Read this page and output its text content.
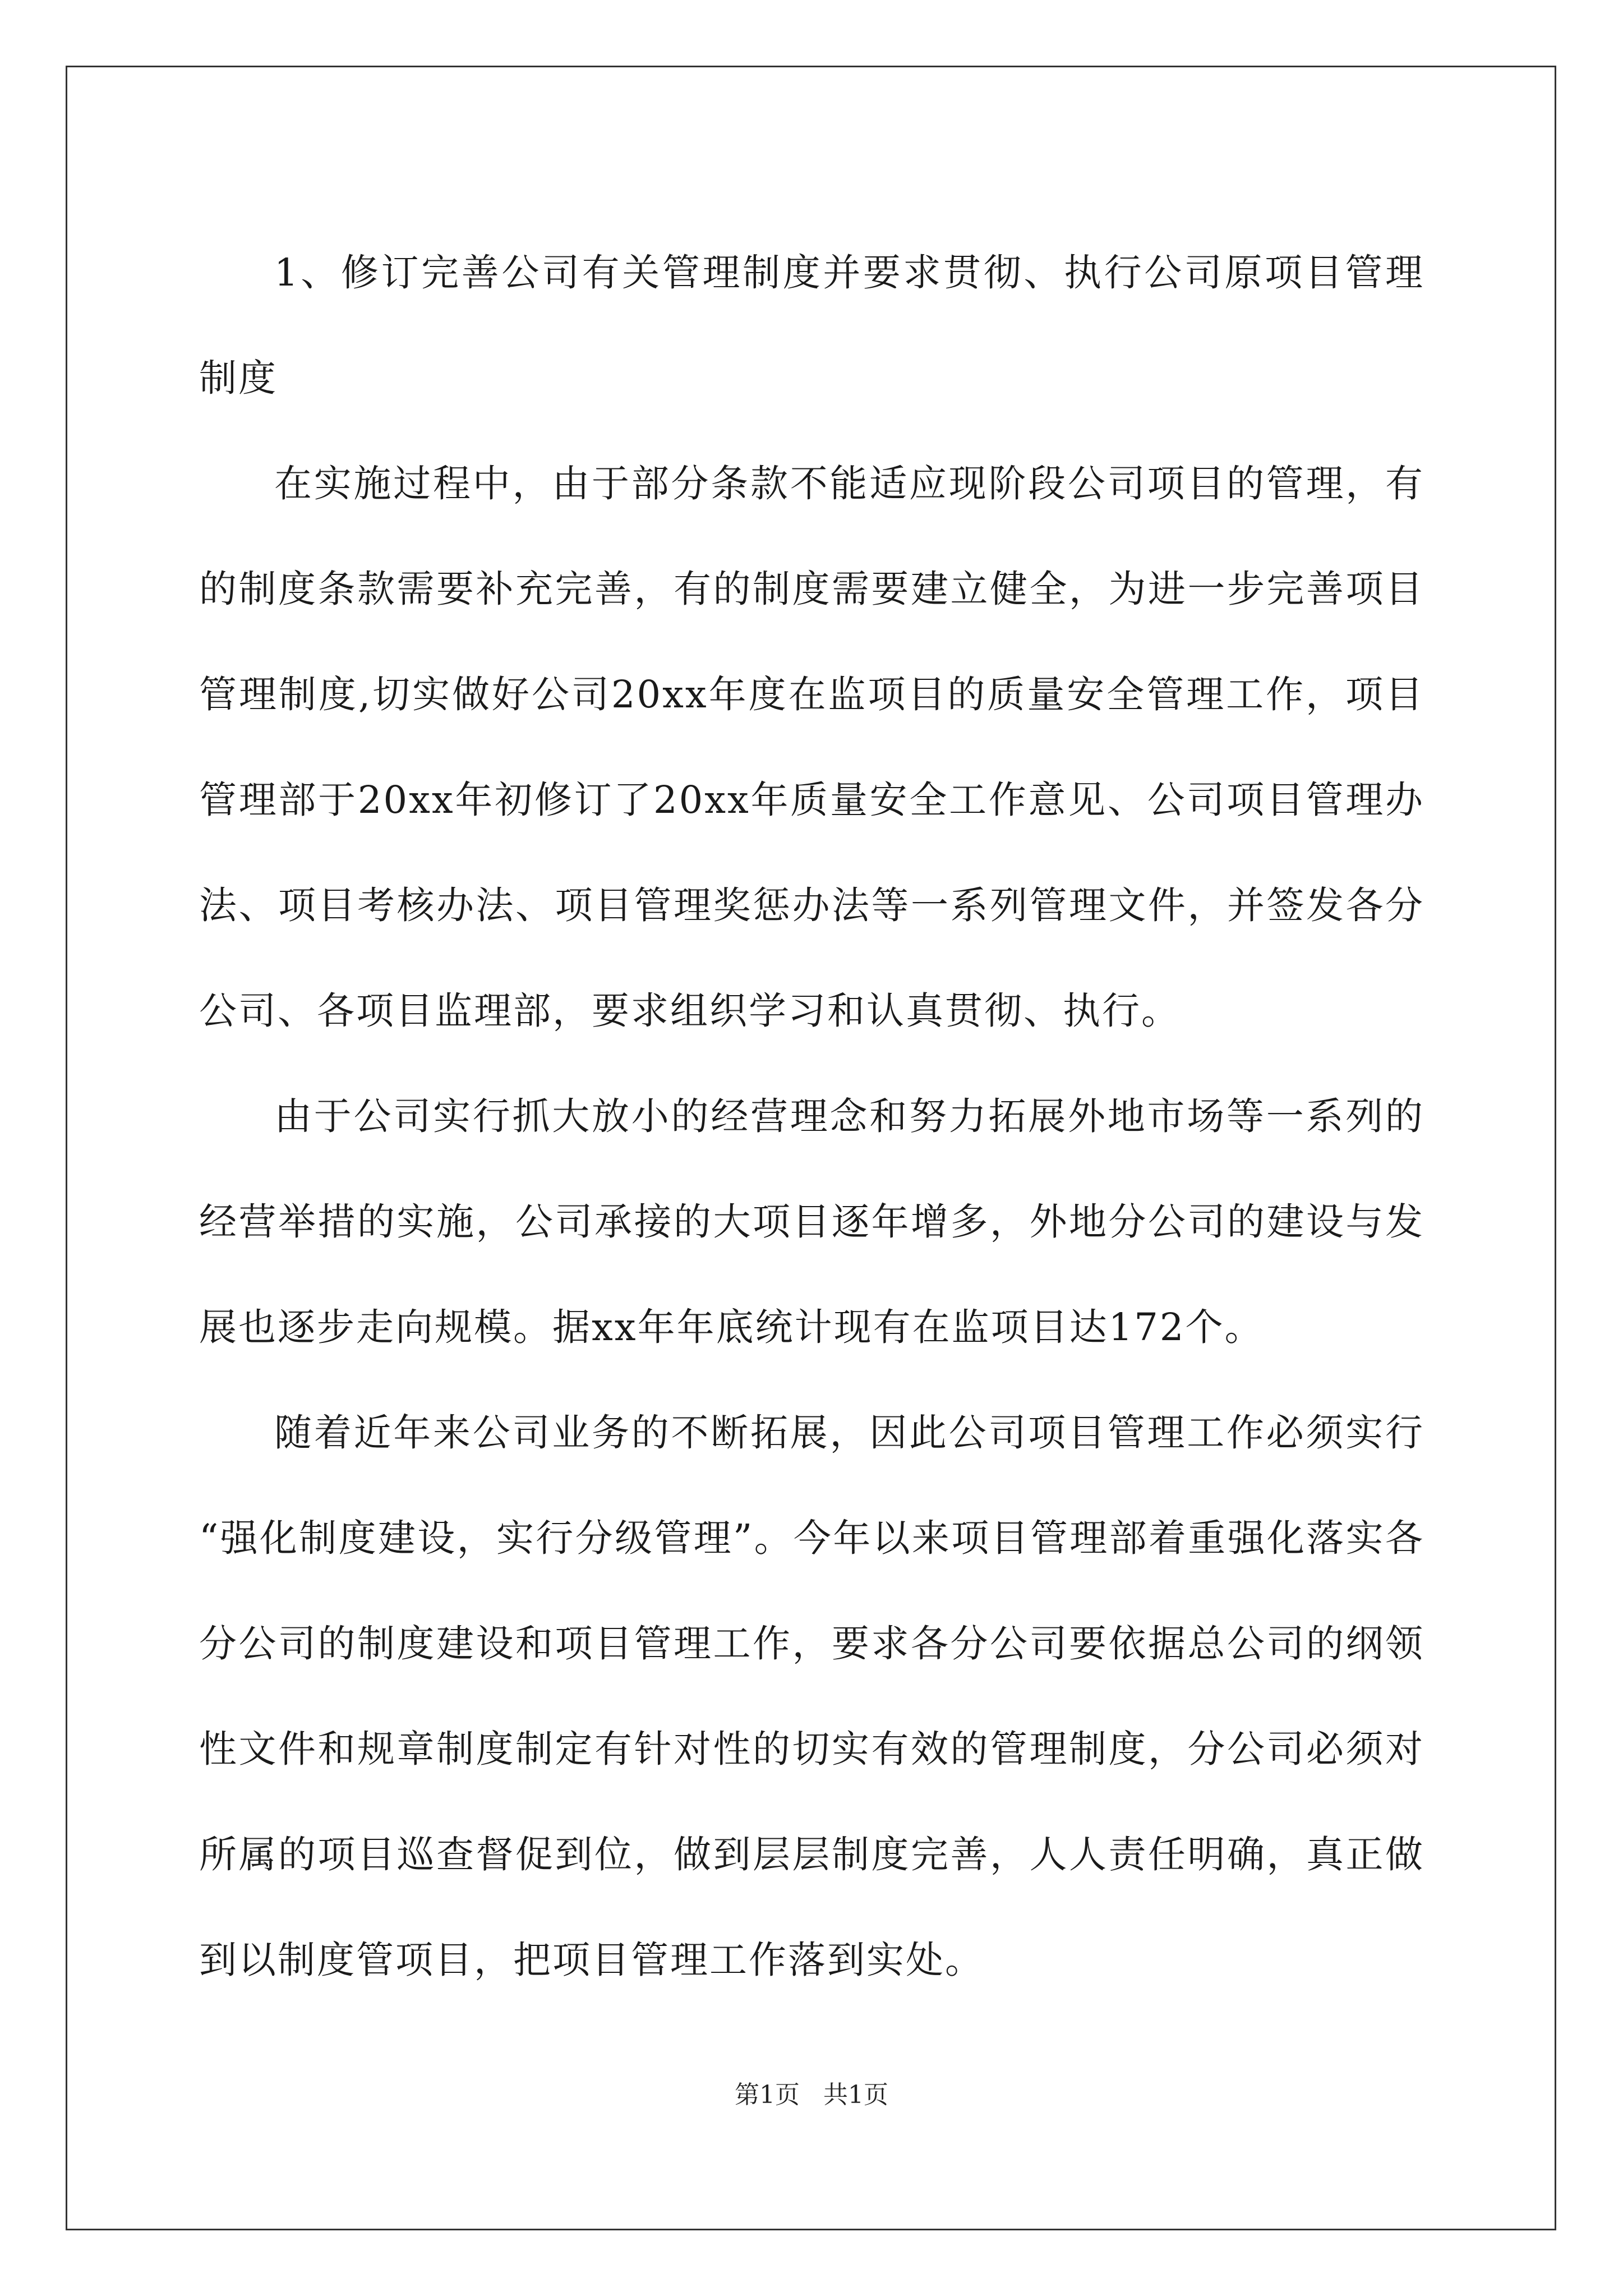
1、修订完善公司有关管理制度并要求贯彻、执行公司原项目管理制度

在实施过程中，由于部分条款不能适应现阶段公司项目的管理，有的制度条款需要补充完善，有的制度需要建立健全，为进一步完善项目管理制度,切实做好公司20xx年度在监项目的质量安全管理工作，项目管理部于20xx年初修订了20xx年质量安全工作意见、公司项目管理办法、项目考核办法、项目管理奖惩办法等一系列管理文件，并签发各分公司、各项目监理部，要求组织学习和认真贯彻、执行。

由于公司实行抓大放小的经营理念和努力拓展外地市场等一系列的经营举措的实施，公司承接的大项目逐年增多，外地分公司的建设与发展也逐步走向规模。据xx年年底统计现有在监项目达172个。

随着近年来公司业务的不断拓展，因此公司项目管理工作必须实行“强化制度建设，实行分级管理”。今年以来项目管理部着重强化落实各分公司的制度建设和项目管理工作，要求各分公司要依据总公司的纲领性文件和规章制度制定有针对性的切实有效的管理制度，分公司必须对所属的项目巡查督促到位，做到层层制度完善，人人责任明确，真正做到以制度管项目，把项目管理工作落到实处。

第1页   共1页
